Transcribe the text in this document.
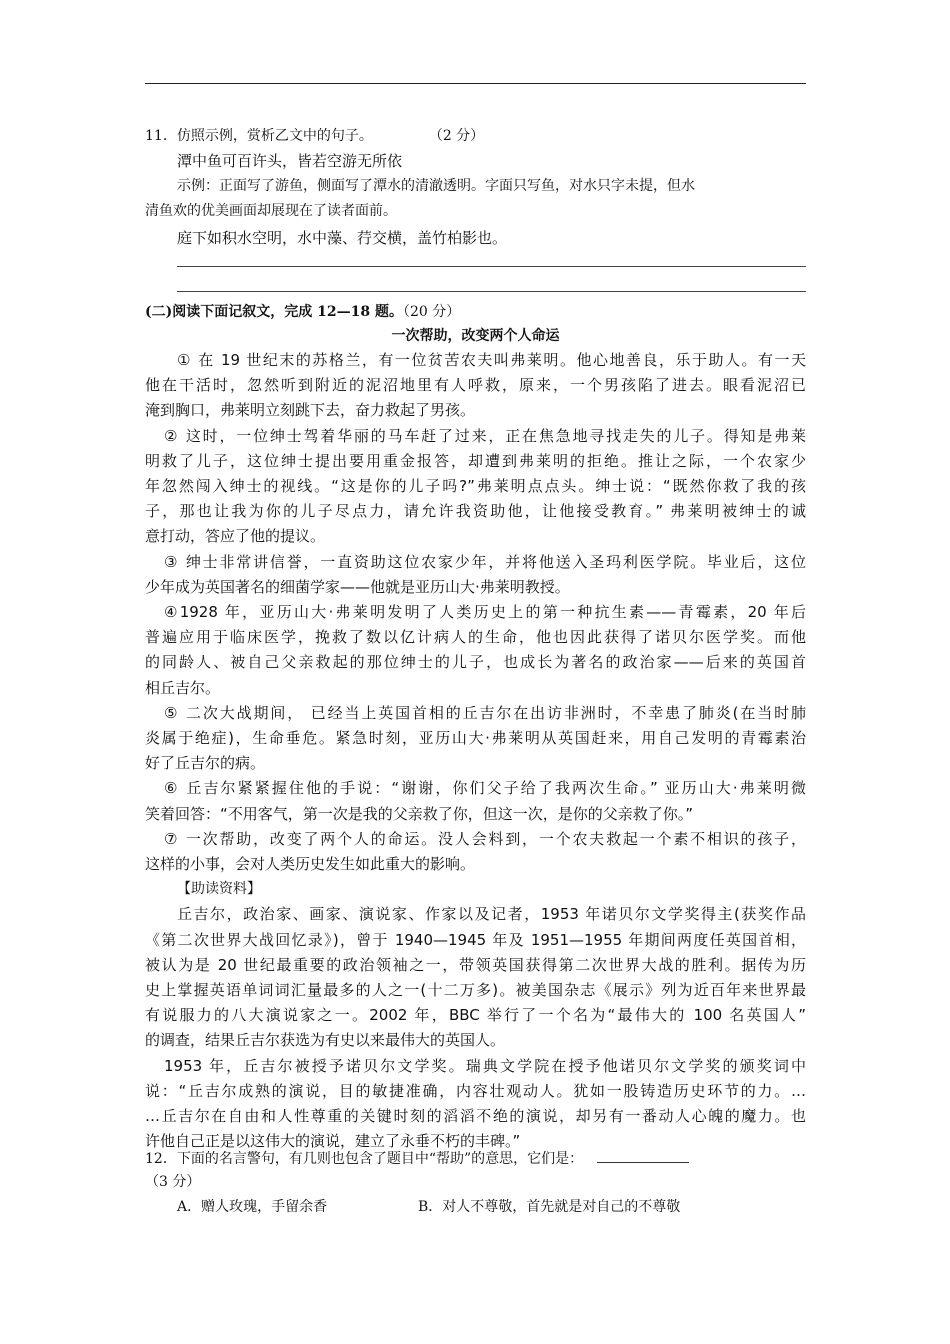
11．仿照示例，赏析乙文中的句子。	（2 分）
潭中鱼可百许头，皆若空游无所依
示例：正面写了游鱼，侧面写了潭水的清澈透明。字面只写鱼，对水只字未提，但水
清鱼欢的优美画面却展现在了读者面前。
庭下如积水空明，水中藻、荇交横，盖竹柏影也。
(二)阅读下面记叙文，完成 12—18 题。（20 分）
一次帮助，改变两个人命运
① 在 19 世纪末的苏格兰，有一位贫苦农夫叫弗莱明。他心地善良，乐于助人。有一天
他在干活时，忽然听到附近的泥沼地里有人呼救，原来，一个男孩陷了进去。眼看泥沼已
淹到胸口，弗莱明立刻跳下去，奋力救起了男孩。
② 这时，一位绅士驾着华丽的马车赶了过来，正在焦急地寻找走失的儿子。得知是弗莱
明救了儿子，这位绅士提出要用重金报答，却遭到弗莱明的拒绝。推让之际，一个农家少
年忽然闯入绅士的视线。“这是你的儿子吗?”弗莱明点点头。绅士说：“既然你救了我的孩
子，那也让我为你的儿子尽点力，请允许我资助他，让他接受教育。” 弗莱明被绅士的诚
意打动，答应了他的提议。
③ 绅士非常讲信誉，一直资助这位农家少年，并将他送入圣玛利医学院。毕业后，这位
少年成为英国著名的细菌学家——他就是亚历山大·弗莱明教授。
④1928 年，亚历山大·弗莱明发明了人类历史上的第一种抗生素——青霉素，20 年后
普遍应用于临床医学，挽救了数以亿计病人的生命，他也因此获得了诺贝尔医学奖。而他
的同龄人、被自己父亲救起的那位绅士的儿子，也成长为著名的政治家——后来的英国首
相丘吉尔。
⑤ 二次大战期间， 已经当上英国首相的丘吉尔在出访非洲时，不幸患了肺炎(在当时肺
炎属于绝症)，生命垂危。紧急时刻，亚历山大·弗莱明从英国赶来，用自己发明的青霉素治
好了丘吉尔的病。
⑥ 丘吉尔紧紧握住他的手说：“谢谢，你们父子给了我两次生命。” 亚历山大·弗莱明微
笑着回答：“不用客气，第一次是我的父亲救了你，但这一次，是你的父亲救了你。”
⑦ 一次帮助，改变了两个人的命运。没人会料到，一个农夫救起一个素不相识的孩子，
这样的小事，会对人类历史发生如此重大的影响。
【助读资料】
丘吉尔，政治家、画家、演说家、作家以及记者，1953 年诺贝尔文学奖得主(获奖作品
《第二次世界大战回忆录》)，曾于 1940—1945 年及 1951—1955 年期间两度任英国首相，
被认为是 20 世纪最重要的政治领袖之一，带领英国获得第二次世界大战的胜利。据传为历
史上掌握英语单词词汇量最多的人之一(十二万多)。被美国杂志《展示》列为近百年来世界最
有说服力的八大演说家之一。2002 年，BBC 举行了一个名为“最伟大的 100 名英国人”
的调查，结果丘吉尔获选为有史以来最伟大的英国人。
1953 年，丘吉尔被授予诺贝尔文学奖。瑞典文学院在授予他诺贝尔文学奖的颁奖词中
说：“丘吉尔成熟的演说，目的敏捷准确，内容壮观动人。犹如一股铸造历史环节的力。…
…丘吉尔在自由和人性尊重的关键时刻的滔滔不绝的演说，却另有一番动人心魄的魔力。也
许他自己正是以这伟大的演说，建立了永垂不朽的丰碑。”
12．下面的名言警句，有几则也包含了题目中“帮助”的意思，它们是：
（3 分）
A．赠人玫瑰，手留余香	B．对人不尊敬，首先就是对自己的不尊敬
